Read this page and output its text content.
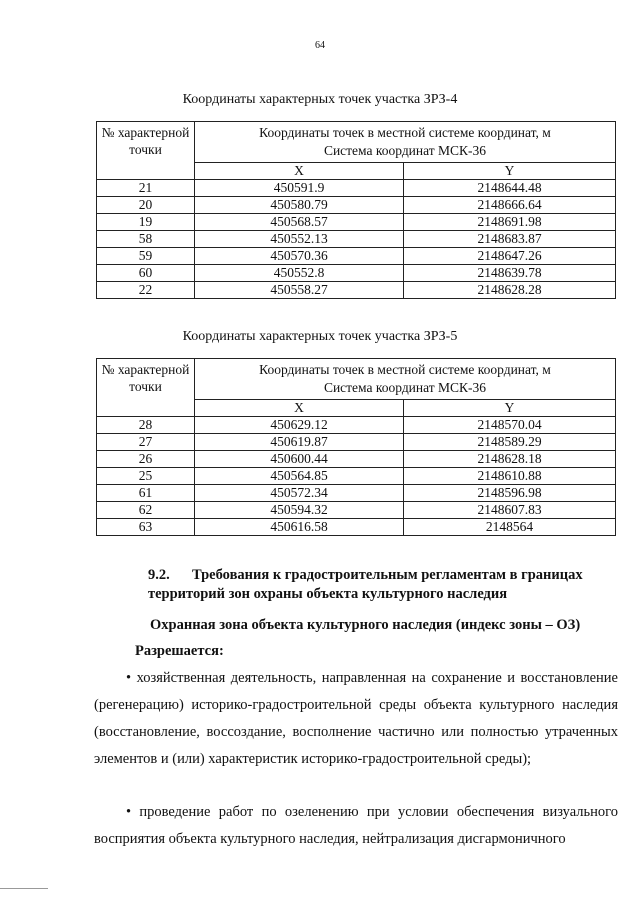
64
Координаты характерных точек участка ЗРЗ-4
№ характерной точки	Координаты точек в местной системе координат, м
Система координат МСК-36	

	X	Y
21	450591.9	2148644.48
20	450580.79	2148666.64
19	450568.57	2148691.98
58	450552.13	2148683.87
59	450570.36	2148647.26
60	450552.8	2148639.78
22	450558.27	2148628.28
Координаты характерных точек участка ЗРЗ-5
№ характерной точки	Координаты точек в местной системе координат, м
Система координат МСК-36	

	X	Y
28	450629.12	2148570.04
27	450619.87	2148589.29
26	450600.44	2148628.18
25	450564.85	2148610.88
61	450572.34	2148596.98
62	450594.32	2148607.83
63	450616.58	2148564
9.2. Требования к градостроительным регламентам в границах территорий зон охраны объекта культурного наследия
Охранная зона объекта культурного наследия (индекс зоны – ОЗ)
Разрешается:
• хозяйственная деятельность, направленная на сохранение и восстановление (регенерацию) историко-градостроительной среды объекта культурного наследия (восстановление, воссоздание, восполнение частично или полностью утраченных элементов и (или) характеристик историко-градостроительной среды);
• проведение работ по озеленению при условии обеспечения визуального восприятия объекта культурного наследия, нейтрализация дисгармоничного
